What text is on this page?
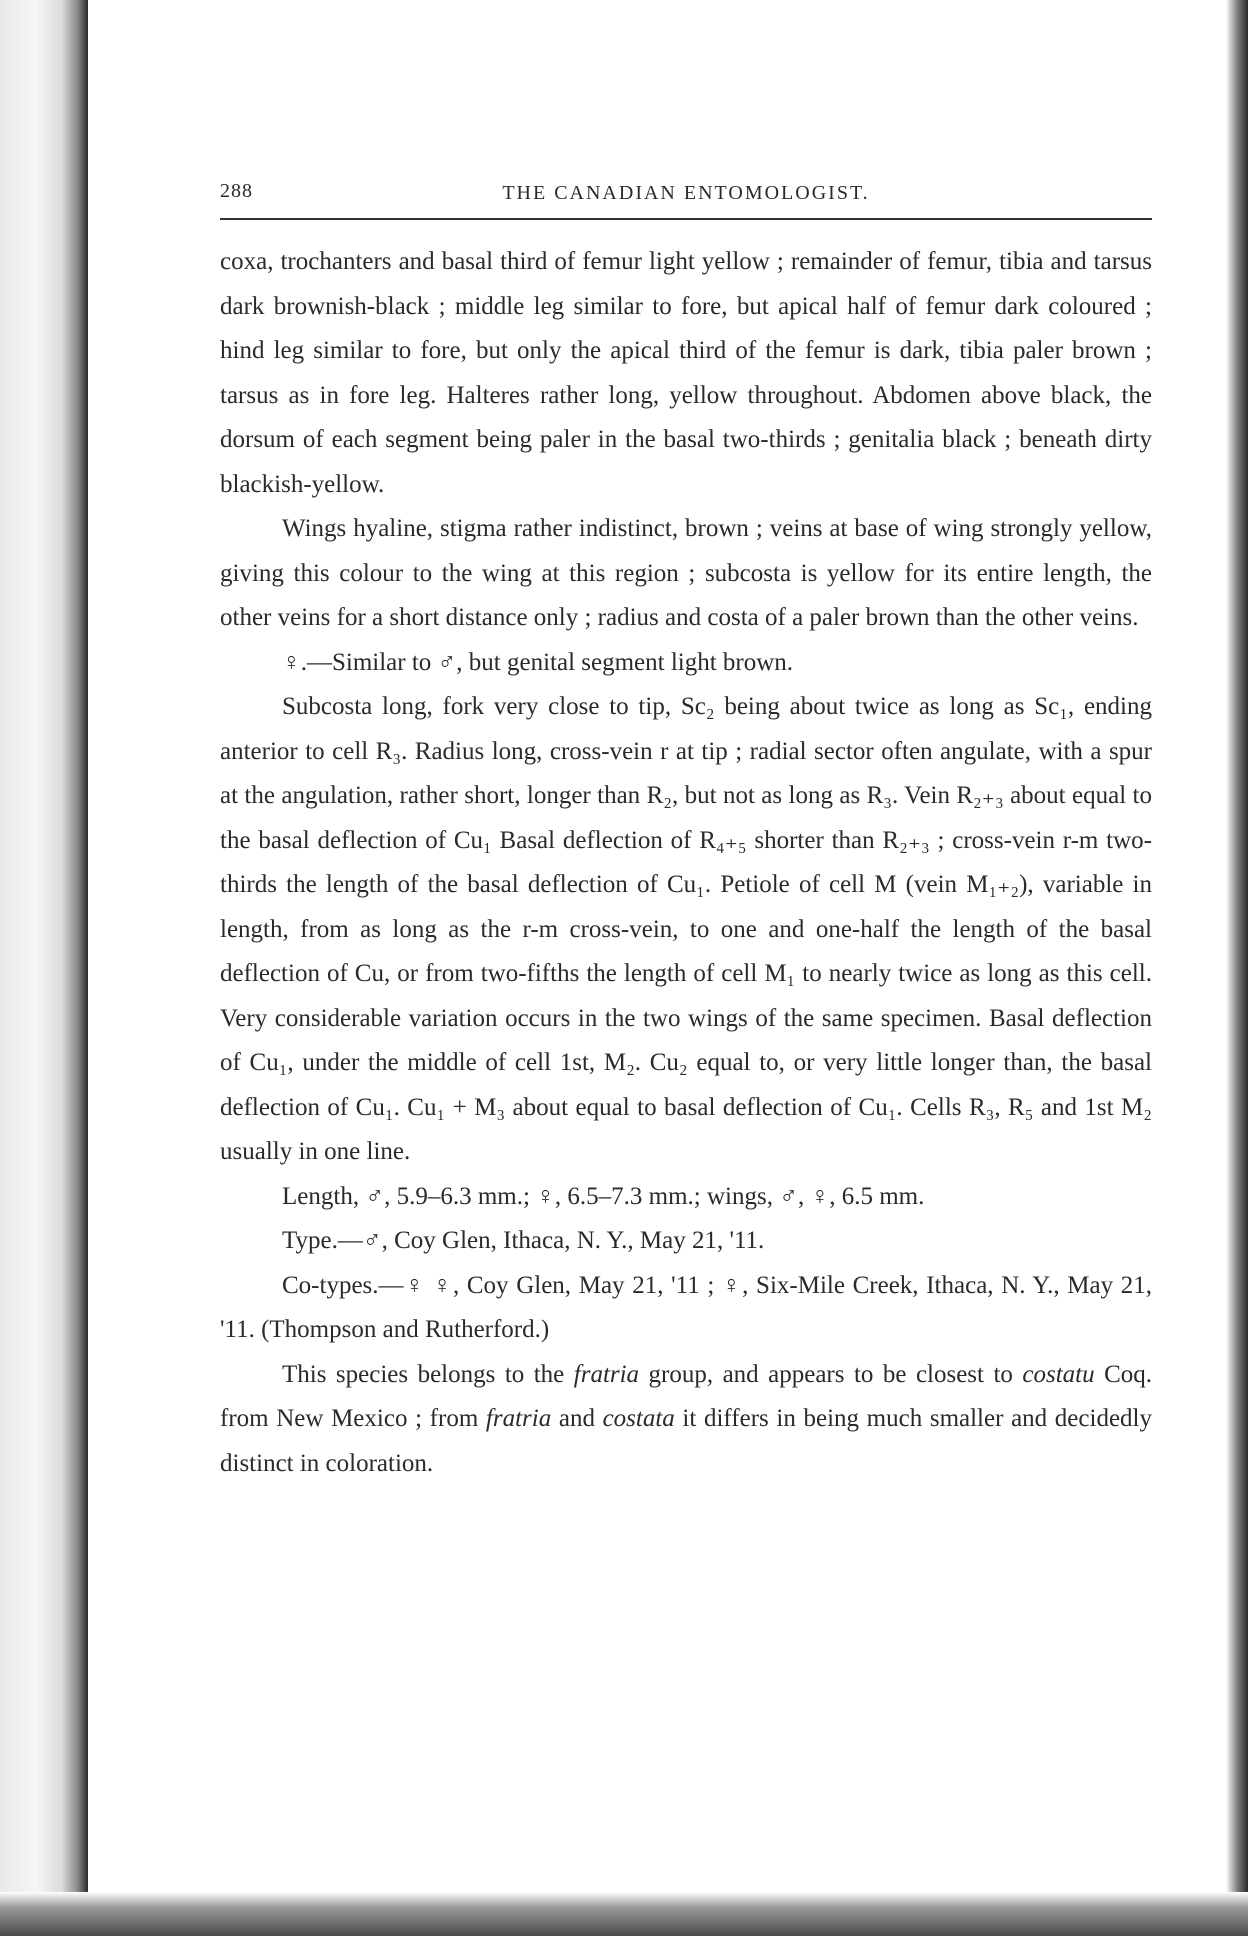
288	THE CANADIAN ENTOMOLOGIST.

coxa, trochanters and basal third of femur light yellow ; remainder of femur, tibia and tarsus dark brownish-black ; middle leg similar to fore, but apical half of femur dark coloured ; hind leg similar to fore, but only the apical third of the femur is dark, tibia paler brown ; tarsus as in fore leg. Halteres rather long, yellow throughout. Abdomen above black, the dorsum of each segment being paler in the basal two-thirds ; genitalia black ; beneath dirty blackish-yellow.

Wings hyaline, stigma rather indistinct, brown ; veins at base of wing strongly yellow, giving this colour to the wing at this region ; subcosta is yellow for its entire length, the other veins for a short distance only ; radius and costa of a paler brown than the other veins.

♀.—Similar to ♂, but genital segment light brown.

Subcosta long, fork very close to tip, Sc₂ being about twice as long as Sc₁, ending anterior to cell R₃. Radius long, cross-vein r at tip ; radial sector often angulate, with a spur at the angulation, rather short, longer than R₂, but not as long as R₃. Vein R₂₊₃ about equal to the basal deflection of Cu₁ Basal deflection of R₄₊₅ shorter than R₂₊₃ ; cross-vein r-m two-thirds the length of the basal deflection of Cu₁. Petiole of cell M (vein M₁₊₂), variable in length, from as long as the r-m cross-vein, to one and one-half the length of the basal deflection of Cu, or from two-fifths the length of cell M₁ to nearly twice as long as this cell. Very considerable variation occurs in the two wings of the same specimen. Basal deflection of Cu₁, under the middle of cell 1st, M₂. Cu₂ equal to, or very little longer than, the basal deflection of Cu₁. Cu₁ + M₃ about equal to basal deflection of Cu₁. Cells R₃, R₅ and 1st M₂ usually in one line.

Length, ♂, 5.9–6.3 mm.; ♀, 6.5–7.3 mm.; wings, ♂, ♀, 6.5 mm.

Type.—♂, Coy Glen, Ithaca, N. Y., May 21, '11.

Co-types.—♀ ♀, Coy Glen, May 21, '11 ; ♀, Six-Mile Creek, Ithaca, N. Y., May 21, '11. (Thompson and Rutherford.)

This species belongs to the fratria group, and appears to be closest to costatu Coq. from New Mexico ; from fratria and costata it differs in being much smaller and decidedly distinct in coloration.
